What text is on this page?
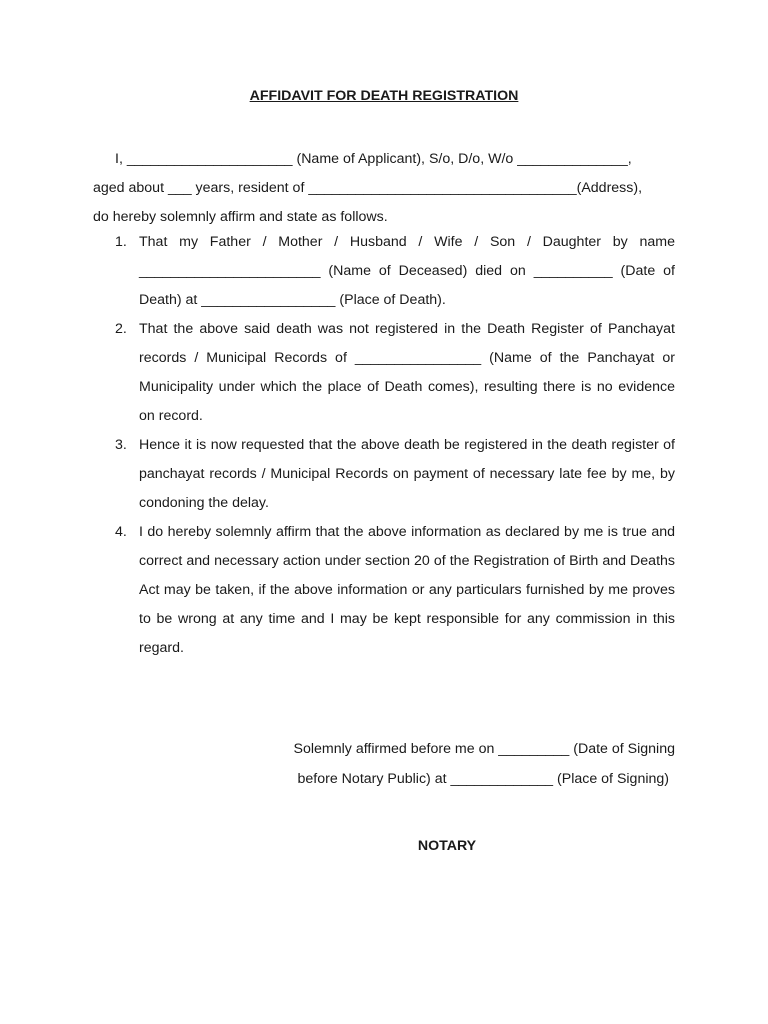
AFFIDAVIT FOR DEATH REGISTRATION

I, _____________________ (Name of Applicant), S/o, D/o, W/o ______________,

aged about ___ years, resident of __________________________________(Address),

do hereby solemnly affirm and state as follows.

1. That my Father / Mother / Husband / Wife / Son / Daughter by name _______________________ (Name of Deceased) died on __________ (Date of Death) at _________________ (Place of Death).
2. That the above said death was not registered in the Death Register of Panchayat records / Municipal Records of ________________ (Name of the Panchayat or Municipality under which the place of Death comes), resulting there is no evidence on record.
3. Hence it is now requested that the above death be registered in the death register of panchayat records / Municipal Records on payment of necessary late fee by me, by condoning the delay.
4. I do hereby solemnly affirm that the above information as declared by me is true and correct and necessary action under section 20 of the Registration of Birth and Deaths Act may be taken, if the above information or any particulars furnished by me proves to be wrong at any time and I may be kept responsible for any commission in this regard.
Solemnly affirmed before me on _________ (Date of Signing
before Notary Public) at _____________ (Place of Signing)
NOTARY
